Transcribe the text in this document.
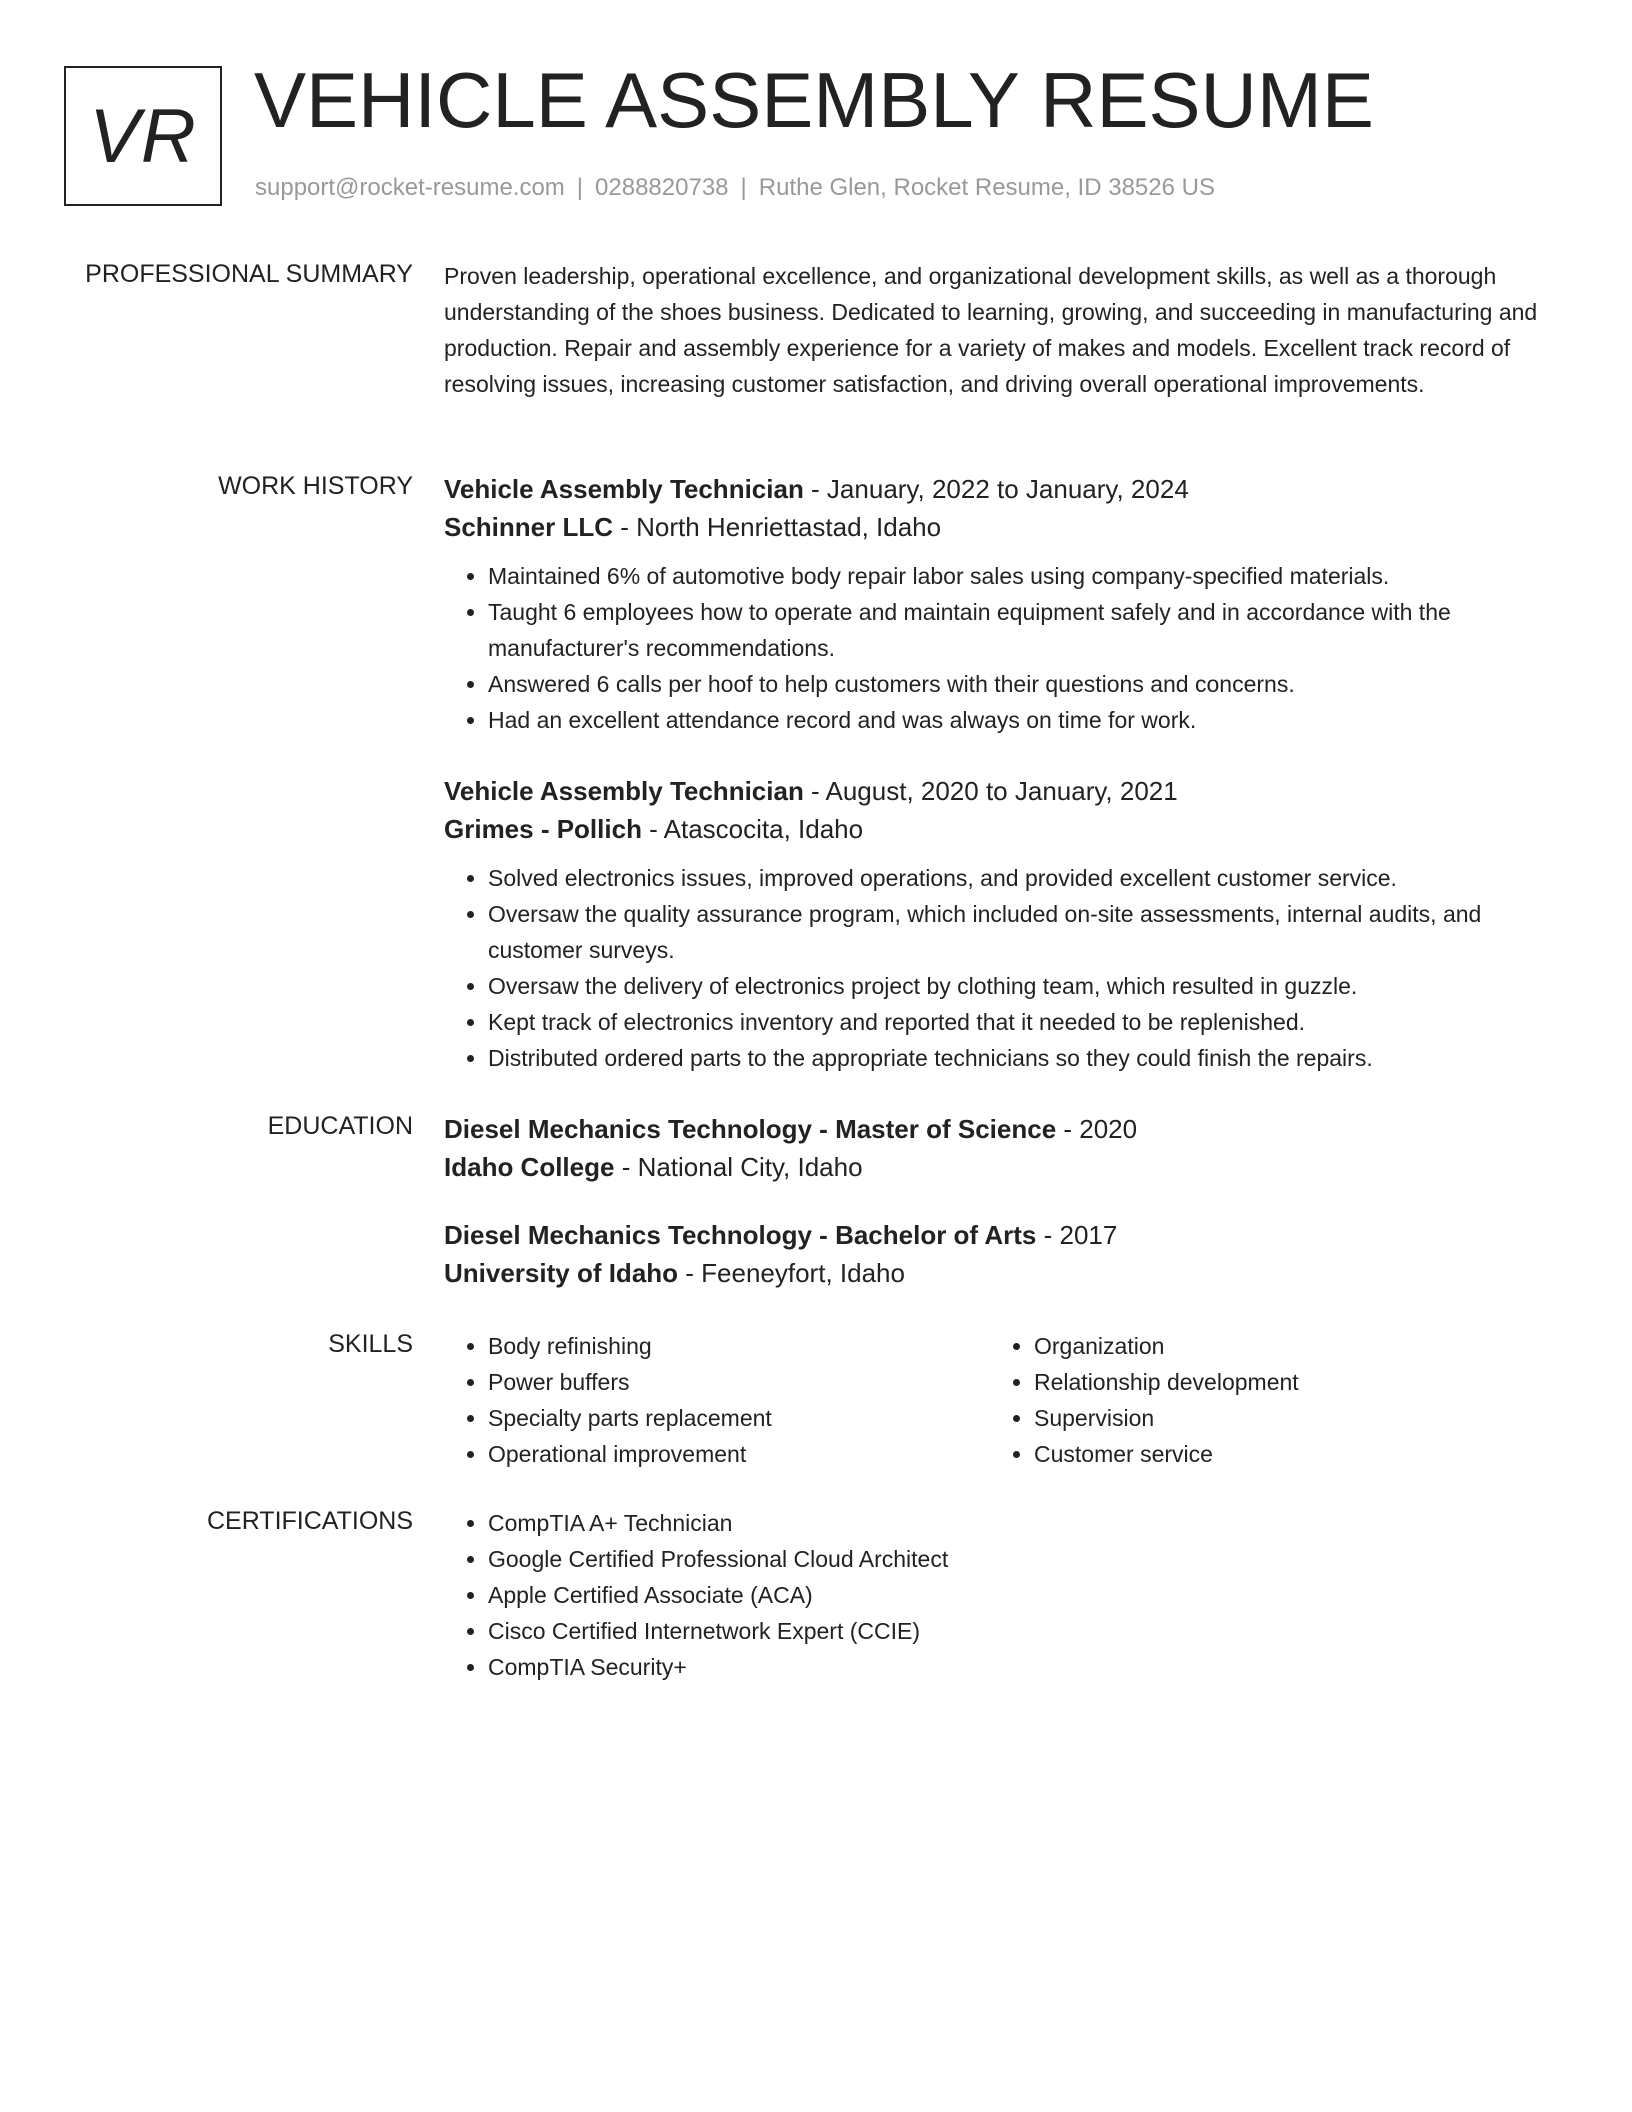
VR VEHICLE ASSEMBLY RESUME
support@rocket-resume.com | 0288820738 | Ruthe Glen, Rocket Resume, ID 38526 US
PROFESSIONAL SUMMARY Proven leadership, operational excellence, and organizational development skills, as well as a thorough understanding of the shoes business. Dedicated to learning, growing, and succeeding in manufacturing and production. Repair and assembly experience for a variety of makes and models. Excellent track record of resolving issues, increasing customer satisfaction, and driving overall operational improvements.

WORK HISTORY Vehicle Assembly Technician - January, 2022 to January, 2024
Schinner LLC - North Henriettastad, Idaho
• Maintained 6% of automotive body repair labor sales using company-specified materials.
• Taught 6 employees how to operate and maintain equipment safely and in accordance with the manufacturer's recommendations.
• Answered 6 calls per hoof to help customers with their questions and concerns.
• Had an excellent attendance record and was always on time for work.
Vehicle Assembly Technician - August, 2020 to January, 2021
Grimes - Pollich - Atascocita, Idaho
• Solved electronics issues, improved operations, and provided excellent customer service.
• Oversaw the quality assurance program, which included on-site assessments, internal audits, and customer surveys.
• Oversaw the delivery of electronics project by clothing team, which resulted in guzzle.
• Kept track of electronics inventory and reported that it needed to be replenished.
• Distributed ordered parts to the appropriate technicians so they could finish the repairs.
EDUCATION Diesel Mechanics Technology - Master of Science - 2020
Idaho College - National City, Idaho
Diesel Mechanics Technology - Bachelor of Arts - 2017
University of Idaho - Feeneyfort, Idaho
SKILLS	• Body refinishing
• Power buffers
• Specialty parts replacement
• Operational improvement
• Organization
• Relationship development
• Supervision
• Customer service
CERTIFICATIONS	• CompTIA A+ Technician
• Google Certified Professional Cloud Architect
• Apple Certified Associate (ACA)
• Cisco Certified Internetwork Expert (CCIE)
• CompTIA Security+
